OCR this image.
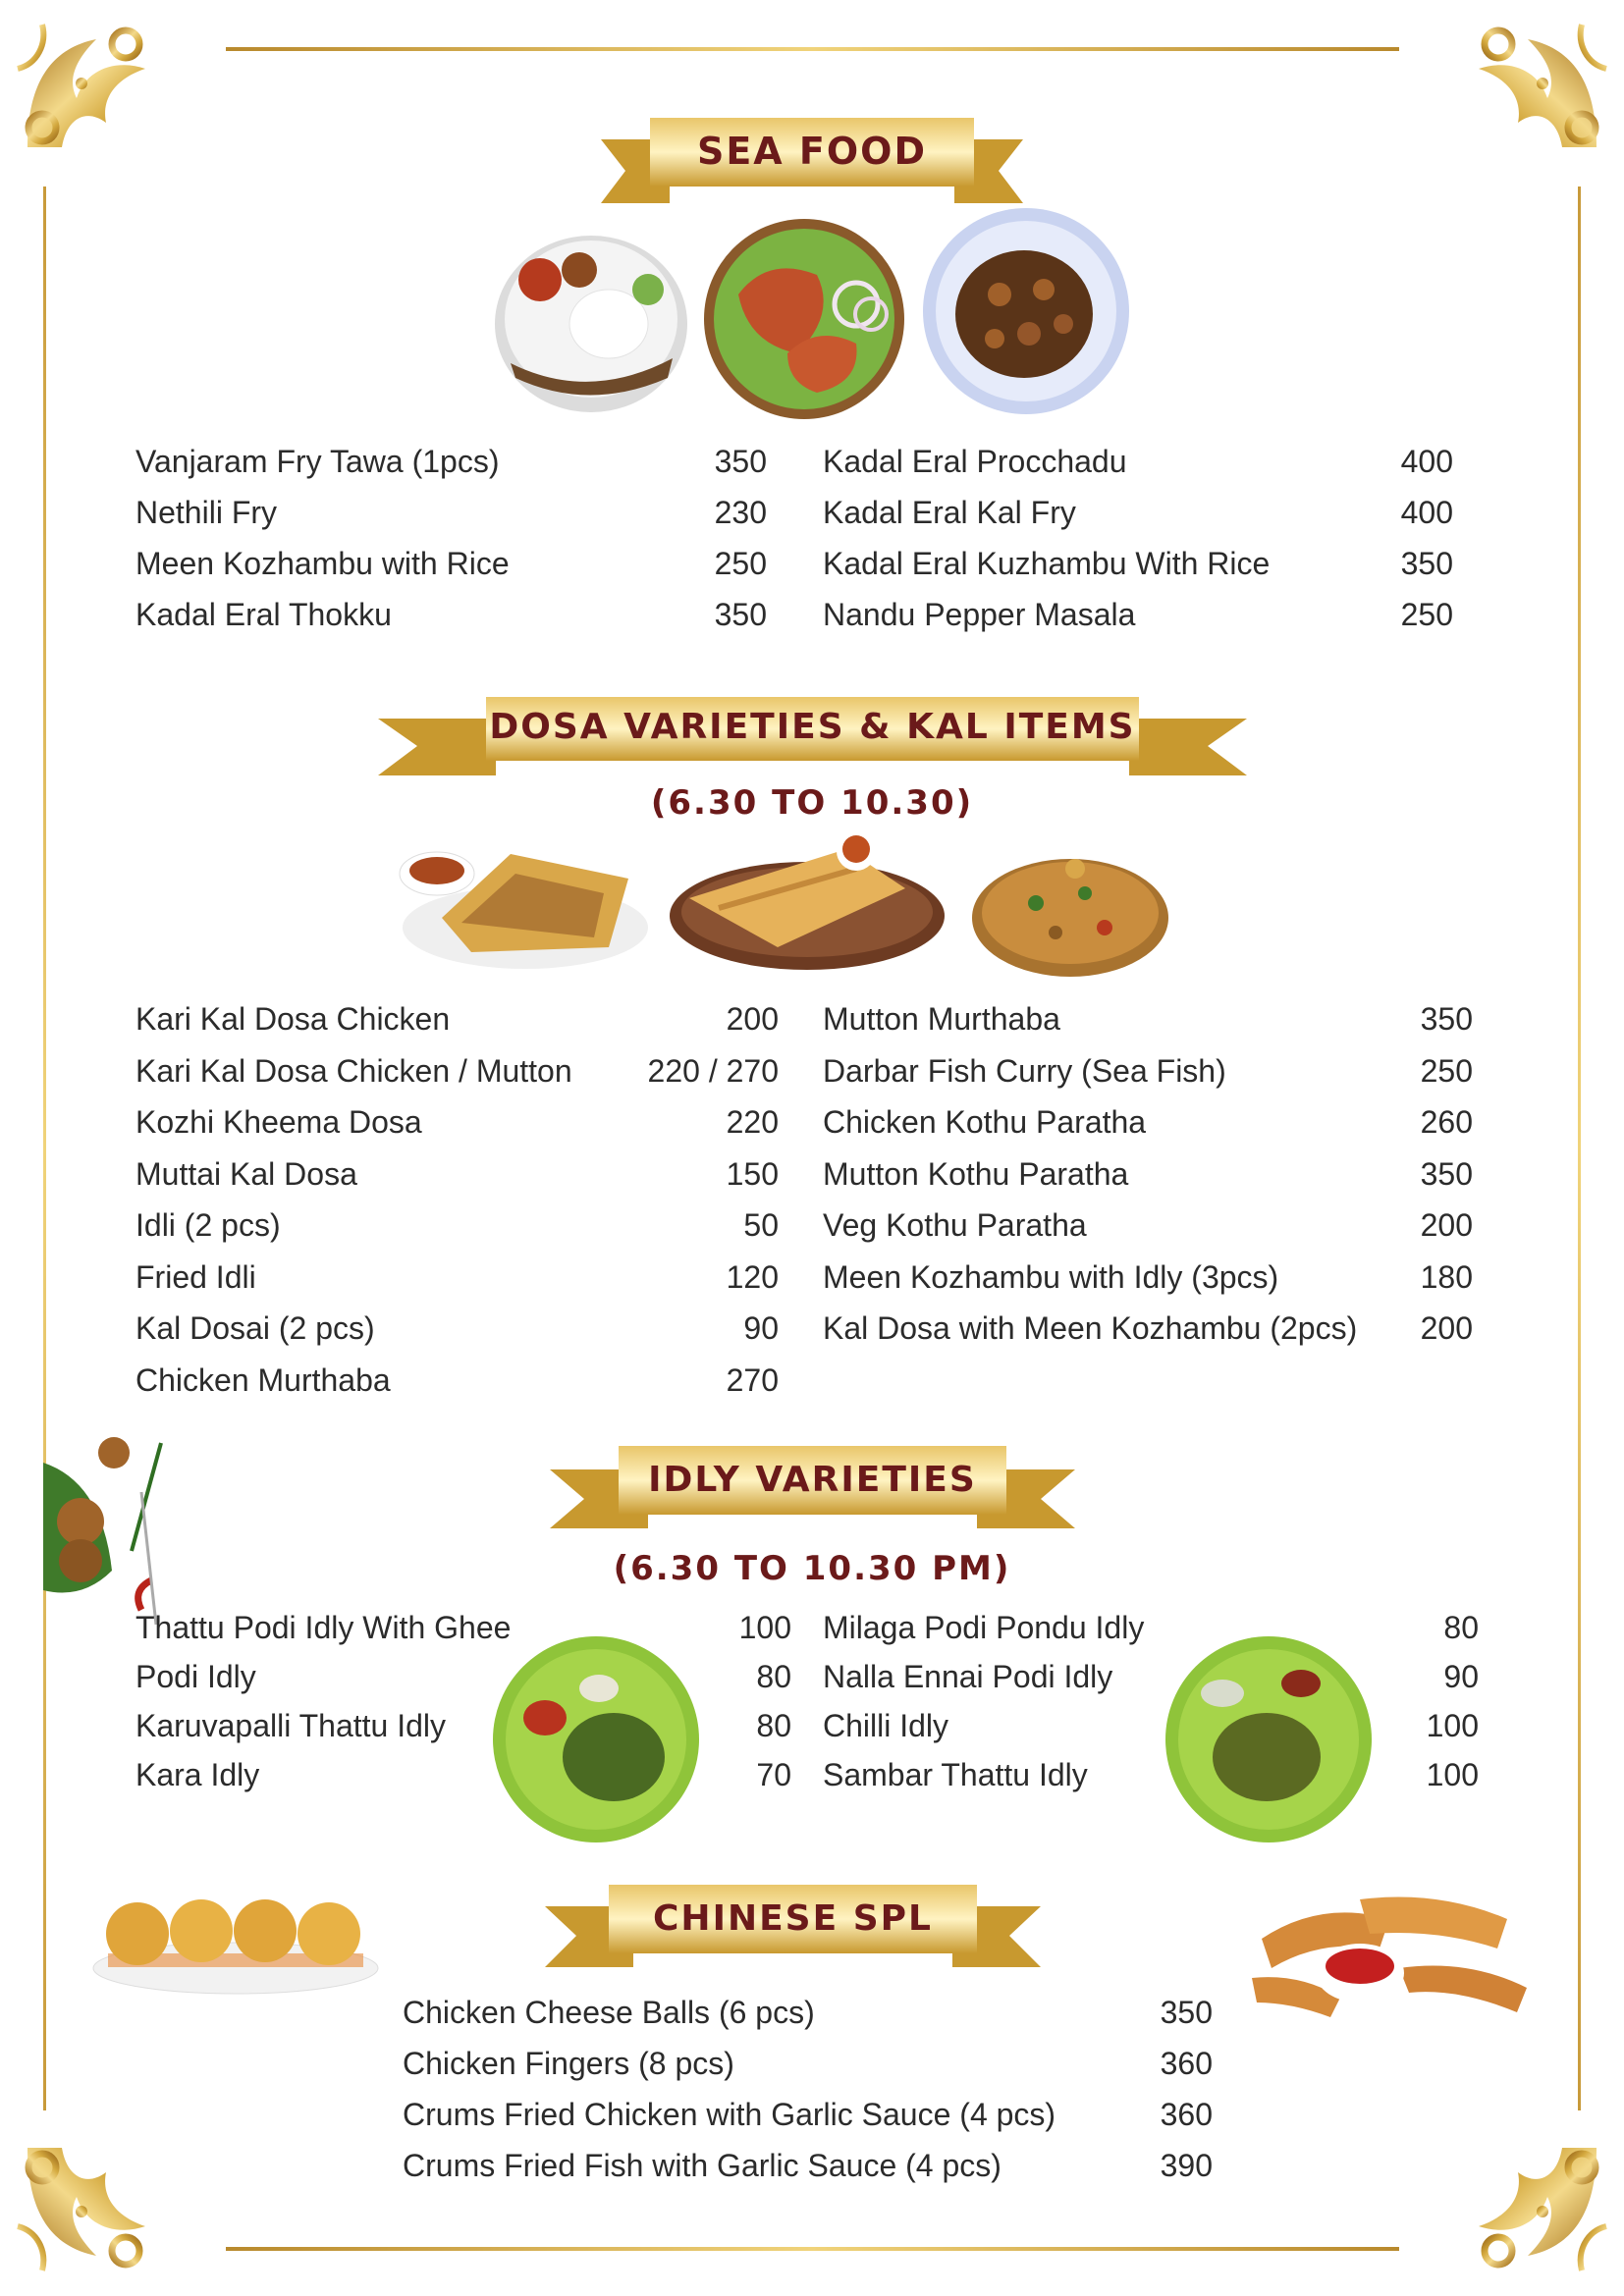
SEA FOOD
Vanjaram Fry Tawa (1pcs)	350
Nethili Fry	230
Meen Kozhambu with Rice	250
Kadal Eral Thokku	350
Kadal Eral Procchadu	400
Kadal Eral Kal Fry	400
Kadal Eral Kuzhambu With Rice	350
Nandu Pepper Masala	250
DOSA VARIETIES & KAL ITEMS
(6.30 TO 10.30)
Kari Kal Dosa Chicken	200
Kari Kal Dosa Chicken / Mutton	220 / 270
Kozhi Kheema Dosa	220
Muttai Kal Dosa	150
Idli (2 pcs)	50
Fried Idli	120
Kal Dosai (2 pcs)	90
Chicken Murthaba	270
Mutton Murthaba	350
Darbar Fish Curry (Sea Fish)	250
Chicken Kothu Paratha	260
Mutton Kothu Paratha	350
Veg Kothu Paratha	200
Meen Kozhambu with Idly (3pcs)	180
Kal Dosa with Meen Kozhambu (2pcs)	200
IDLY VARIETIES
(6.30 TO 10.30 PM)
Thattu Podi Idly With Ghee	100
Podi Idly	80
Karuvapalli Thattu Idly	80
Kara Idly	70
Milaga Podi Pondu Idly	80
Nalla Ennai Podi Idly	90
Chilli Idly	100
Sambar Thattu Idly	100
CHINESE SPL
Chicken Cheese Balls (6 pcs)	350
Chicken Fingers (8 pcs)	360
Crums Fried Chicken with Garlic Sauce (4 pcs)	360
Crums Fried Fish with Garlic Sauce (4 pcs)	390
